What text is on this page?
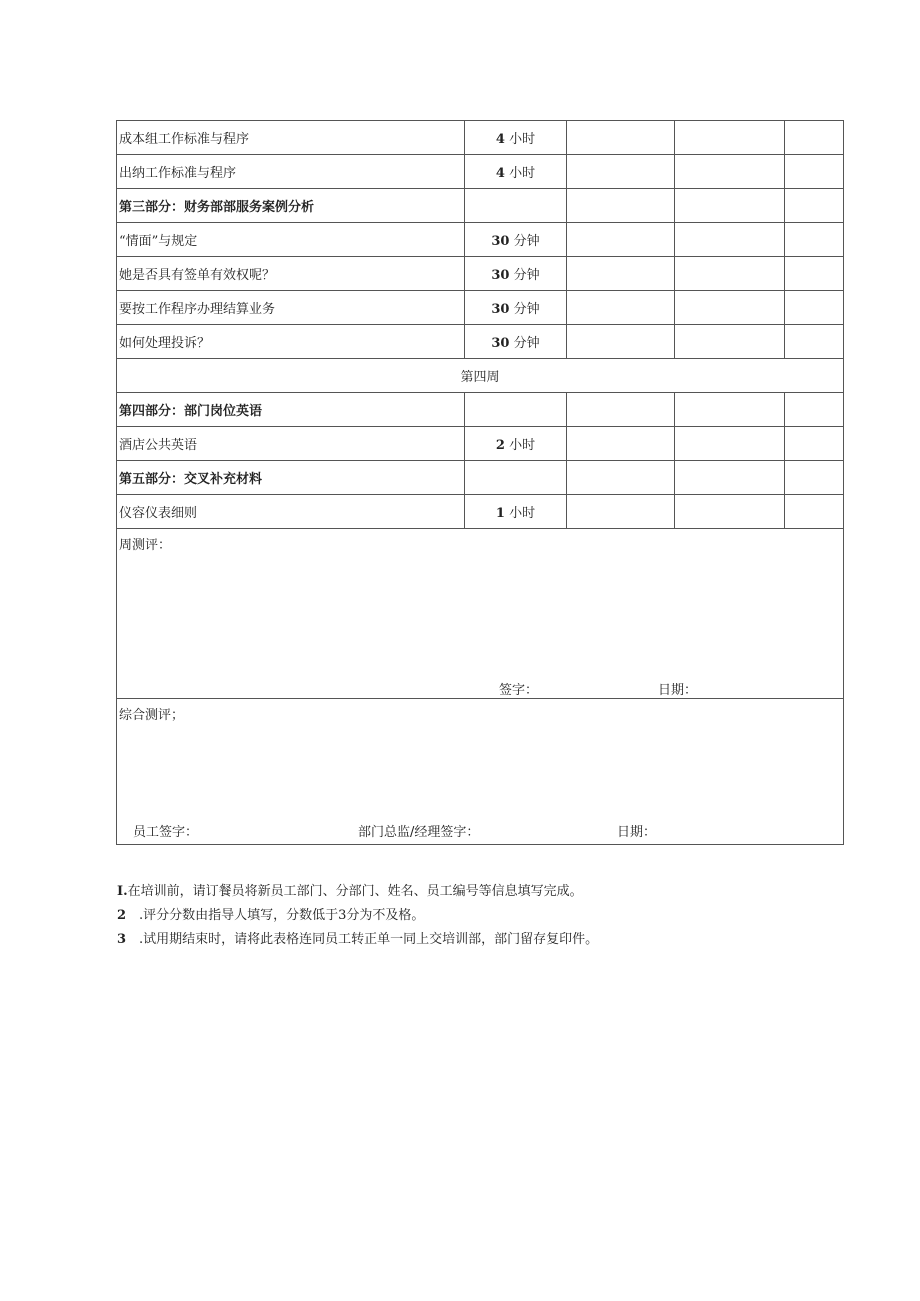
成本组工作标准与程序	4 小时			
出纳工作标准与程序	4 小时			
第三部分：财务部部服务案例分析				
“情面”与规定	30 分钟			
她是否具有签单有效权呢？	30 分钟			
要按工作程序办理结算业务	30 分钟			
如何处理投诉？	30 分钟			
第四周				
第四部分：部门岗位英语				
酒店公共英语	2 小时			
第五部分：交叉补充材料				
仪容仪表细则	1 小时			

周测评：
签字： 日期：				

综合测评；
员工签字： 部门总监/经理签字： 日期：				
I.在培训前，请订餐员将新员工部门、分部门、姓名、员工编号等信息填写完成。
2 .评分分数由指导人填写，分数低于3分为不及格。
3 .试用期结束时，请将此表格连同员工转正单一同上交培训部，部门留存复印件。
